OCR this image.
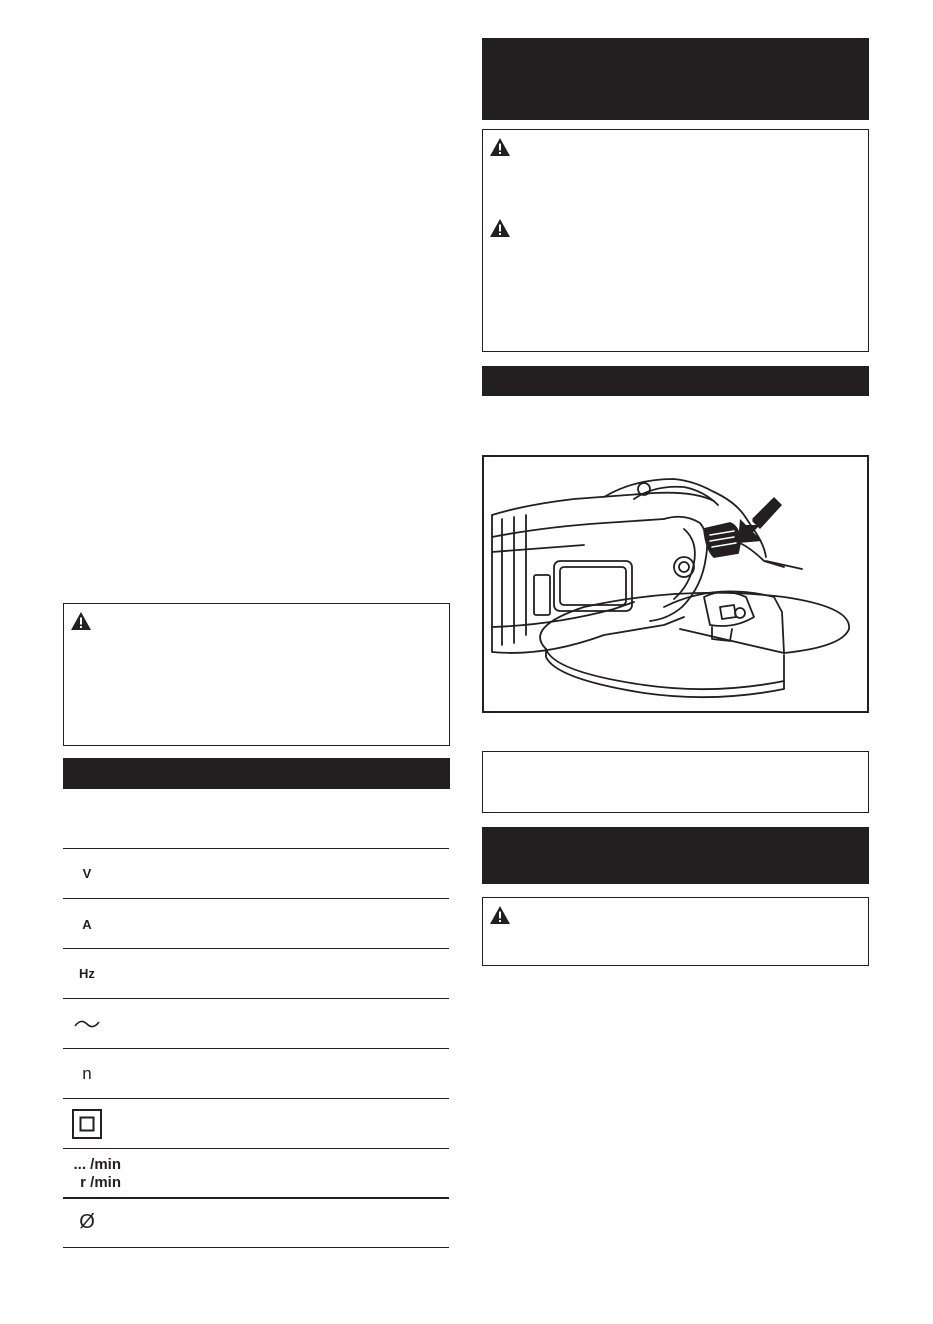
V
A
Hz
n
... /min
r /min
Ø
